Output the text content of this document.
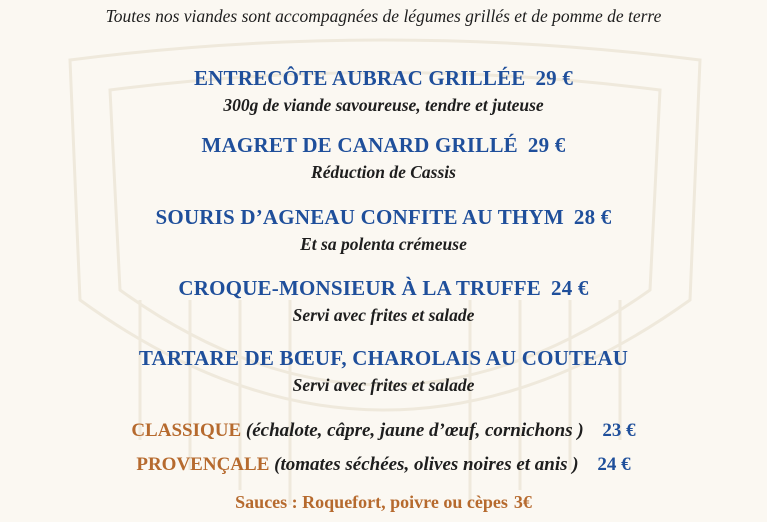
Toutes nos viandes sont accompagnées de légumes grillés et de pomme de terre
ENTRECÔTE AUBRAC GRILLÉE 29 €
300g de viande savoureuse, tendre et juteuse
MAGRET DE CANARD GRILLÉ 29 €
Réduction de Cassis
SOURIS D’AGNEAU CONFITE AU THYM 28 €
Et sa polenta crémeuse
CROQUE-MONSIEUR À LA TRUFFE 24 €
Servi avec frites et salade
TARTARE DE BŒUF, CHAROLAIS AU COUTEAU
Servi avec frites et salade
CLASSIQUE (échalote, câpre, jaune d’œuf, cornichons ) 23 €
PROVENÇALE (tomates séchées, olives noires et anis ) 24 €
Sauces : Roquefort, poivre ou cèpes 3€
